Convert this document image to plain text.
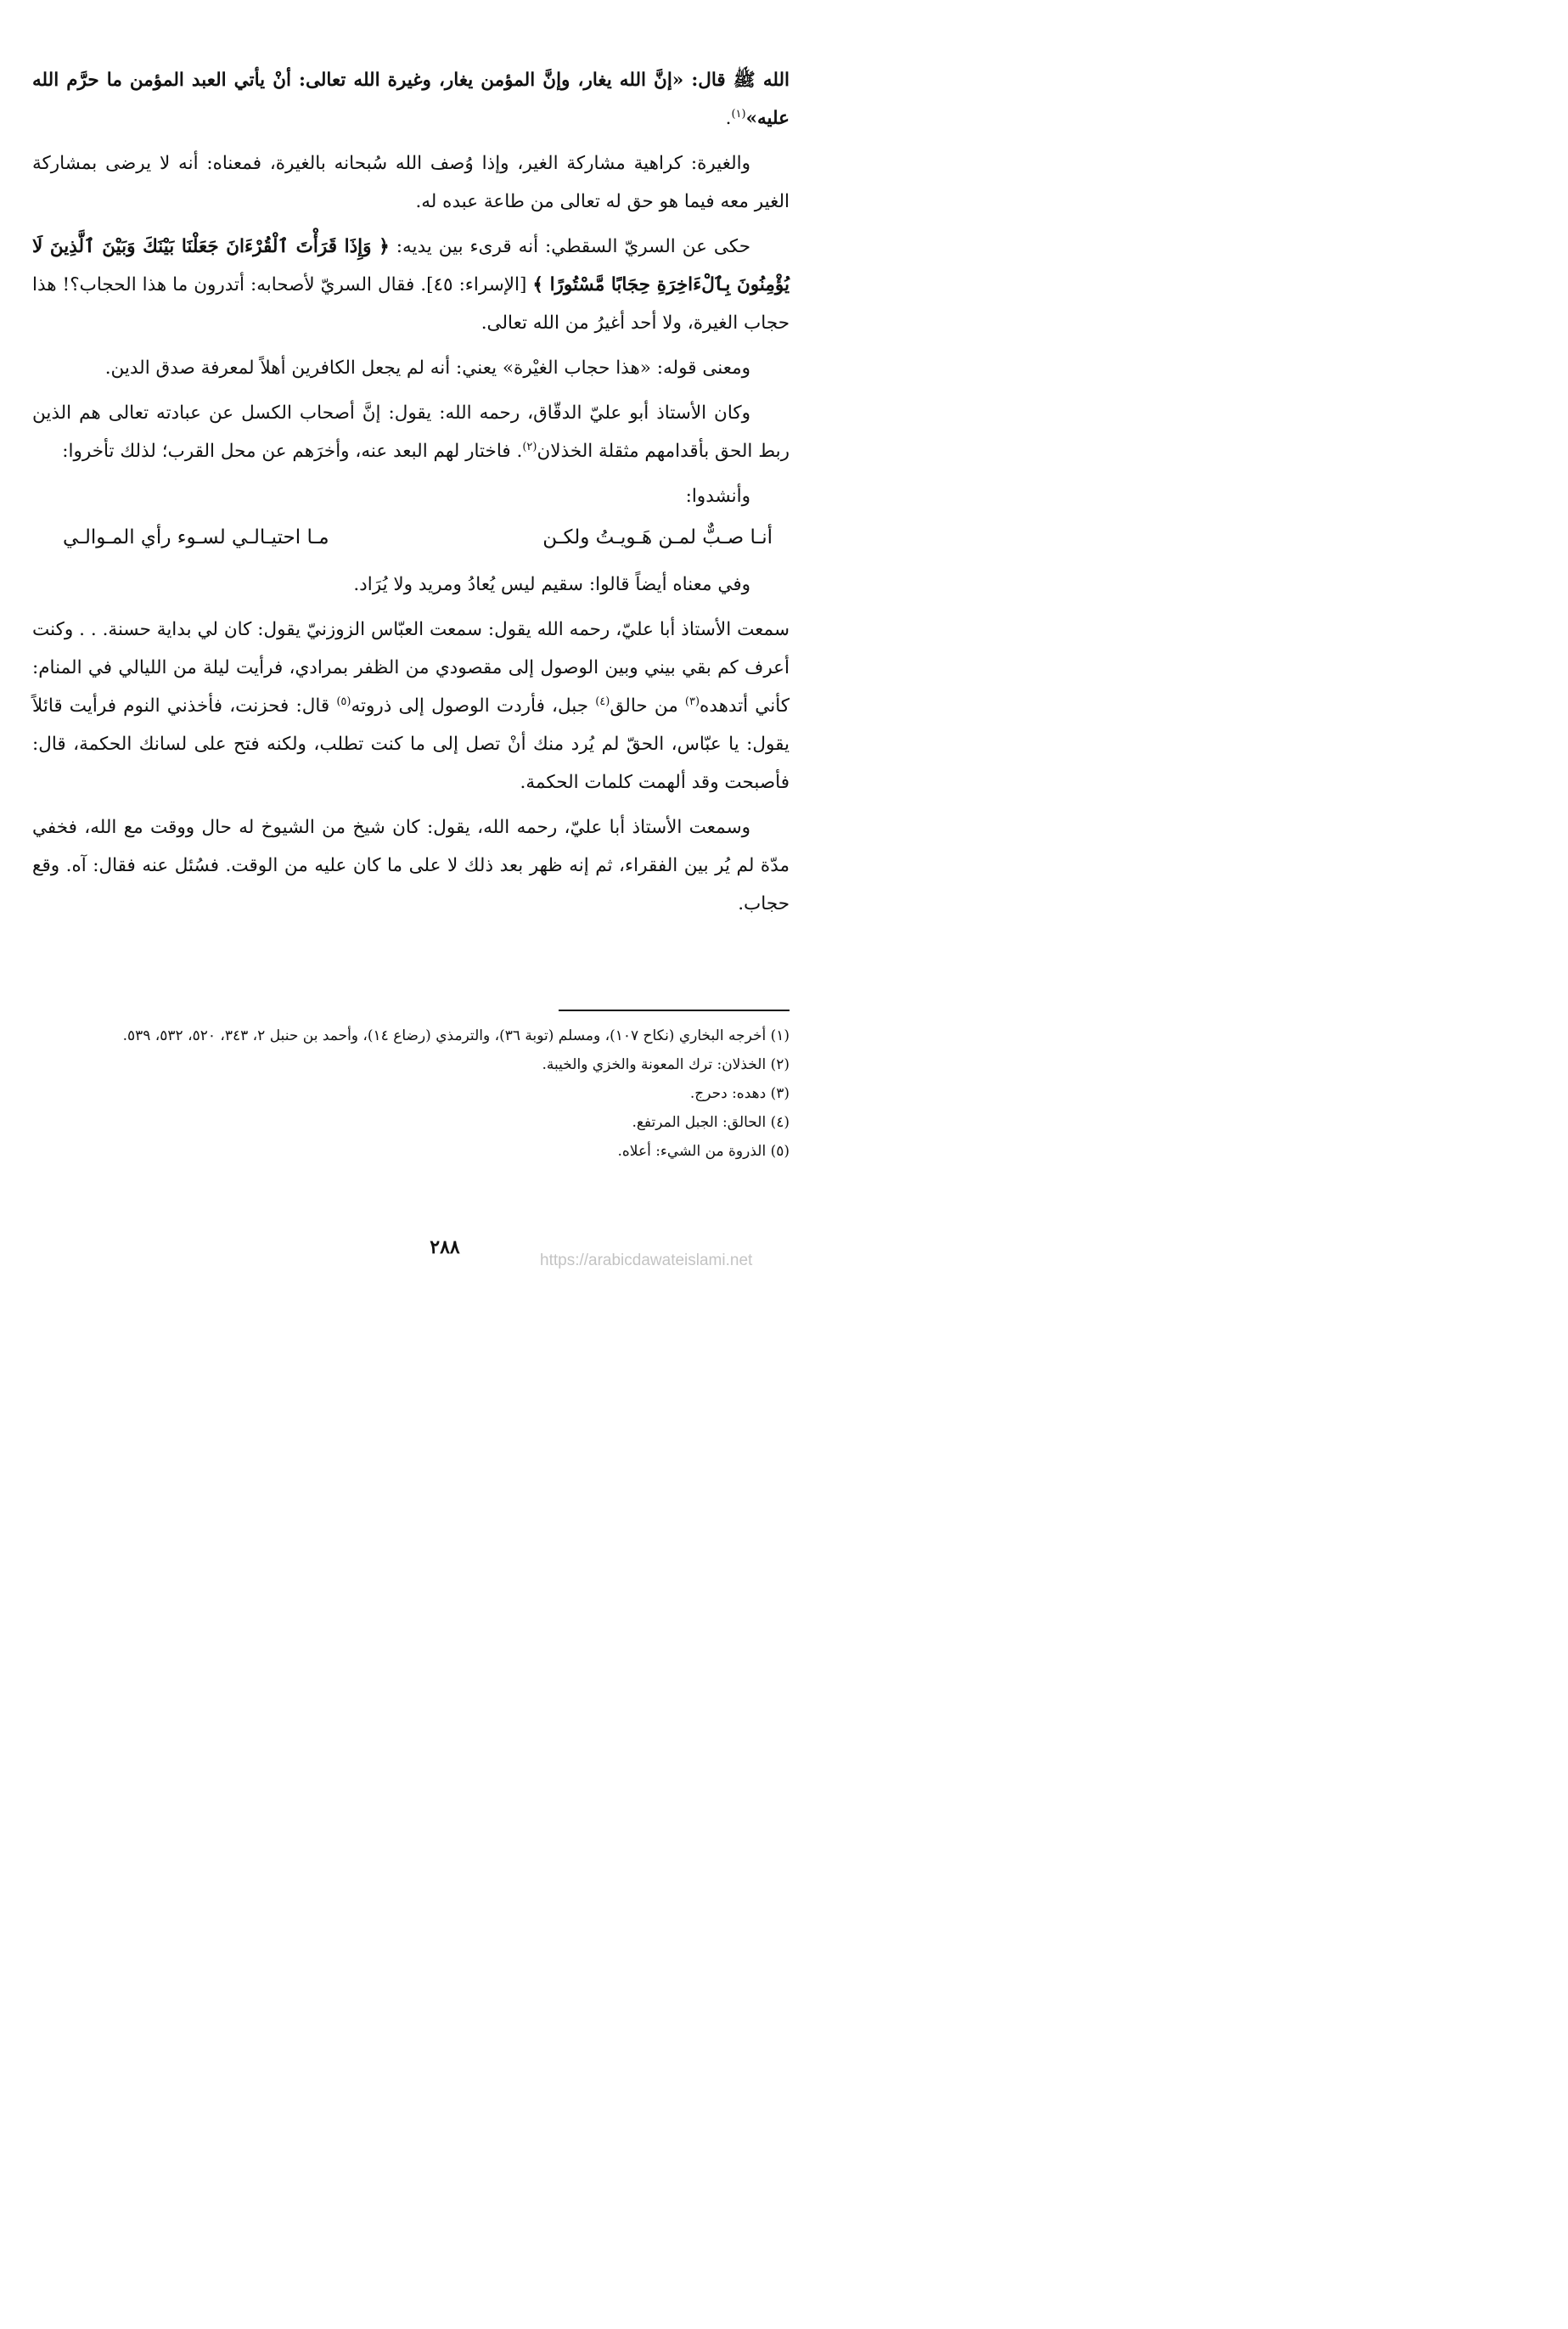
الله ﷺ قال: «إنَّ الله يغار، وإنَّ المؤمن يغار، وغيرة الله تعالى: أنْ يأتي العبد المؤمن ما حرَّم الله عليه»$^{(١)}$.

والغيرة: كراهية مشاركة الغير، وإذا وُصف الله سُبحانه بالغيرة، فمعناه: أنه لا يرضى بمشاركة الغير معه فيما هو حق له تعالى من طاعة عبده له.

حكى عن السريّ السقطي: أنه قرىء بين يديه: ﴿ وَإِذَا قَرَأْتَ ٱلْقُرْءَانَ جَعَلْنَا بَيْنَكَ وَبَيْنَ ٱلَّذِينَ لَا يُؤْمِنُونَ بِٱلْءَاخِرَةِ حِجَابًا مَّسْتُورًا ﴾ [الإسراء: ٤٥]. فقال السريّ لأصحابه: أتدرون ما هذا الحجاب؟! هذا حجاب الغيرة، ولا أحد أغيرُ من الله تعالى.

ومعنى قوله: «هذا حجاب الغيْرة» يعني: أنه لم يجعل الكافرين أهلاً لمعرفة صدق الدين.

وكان الأستاذ أبو عليّ الدقّاق، رحمه الله: يقول: إنَّ أصحاب الكسل عن عبادته تعالى هم الذين ربط الحق بأقدامهم مثقلة الخذلان$^{(٢)}$. فاختار لهم البعد عنه، وأخرَهم عن محل القرب؛ لذلك تأخروا:

وأنشدوا:

أنـا صـبٌّ لمـن هَـويـتُ ولكـن
مـا احتيـالـي لسـوء رأي المـوالـي

وفي معناه أيضاً قالوا: سقيم ليس يُعادُ ومريد ولا يُرَاد.

سمعت الأستاذ أبا عليّ، رحمه الله يقول: سمعت العبّاس الزوزنيّ يقول: كان لي بداية حسنة. . . وكنت أعرف كم بقي بيني وبين الوصول إلى مقصودي من الظفر بمرادي، فرأيت ليلة من الليالي في المنام: كأني أتدهده$^{(٣)}$ من حالق$^{(٤)}$ جبل، فأردت الوصول إلى ذروته$^{(٥)}$ قال: فحزنت، فأخذني النوم فرأيت قائلاً يقول: يا عبّاس، الحقّ لم يُرد منك أنْ تصل إلى ما كنت تطلب، ولكنه فتح على لسانك الحكمة، قال: فأصبحت وقد ألهمت كلمات الحكمة.

وسمعت الأستاذ أبا عليّ، رحمه الله، يقول: كان شيخ من الشيوخ له حال ووقت مع الله، فخفي مدّة لم يُر بين الفقراء، ثم إنه ظهر بعد ذلك لا على ما كان عليه من الوقت. فسُئل عنه فقال: آه. وقع حجاب.

(١) أخرجه البخاري (نكاح ١٠٧)، ومسلم (توبة ٣٦)، والترمذي (رضاع ١٤)، وأحمد بن حنبل ٢، ٣٤٣، ٥٢٠، ٥٣٢، ٥٣٩.

(٢) الخذلان: ترك المعونة والخزي والخيبة.

(٣) دهده: دحرج.

(٤) الحالق: الجبل المرتفع.

(٥) الذروة من الشيء: أعلاه.

٢٨٨
https://arabicdawateislami.net
